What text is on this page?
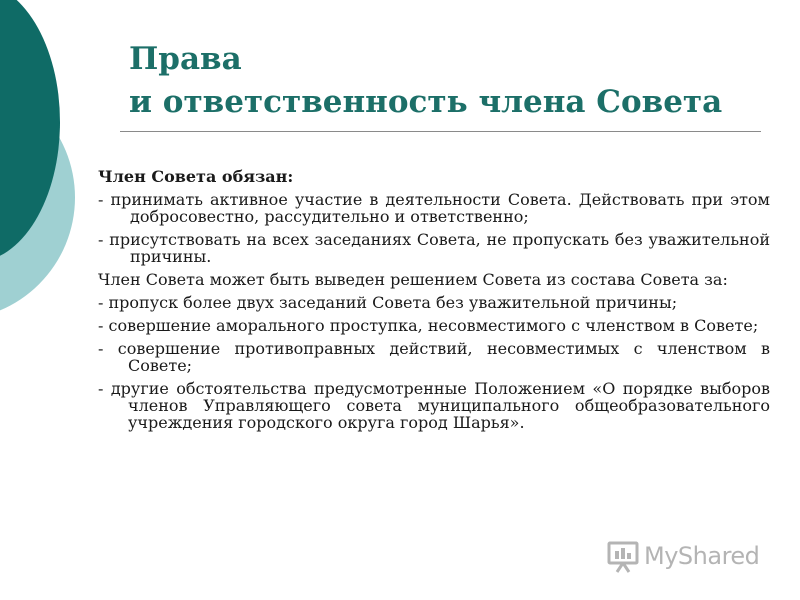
Права
и ответственность члена Совета

Член Совета обязан:

- принимать активное участие в деятельности Совета. Действовать при этом добросовестно, рассудительно и ответственно;

- присутствовать на всех заседаниях Совета, не пропускать без уважительной причины.

Член Совета может быть выведен решением Совета из состава Совета за:

- пропуск более двух заседаний Совета без уважительной причины;

- совершение аморального проступка, несовместимого с членством в Совете;

- совершение противоправных действий, несовместимых с членством в Совете;

- другие обстоятельства предусмотренные Положением «О порядке выборов членов Управляющего совета муниципального общеобразовательного учреждения городского округа город Шарья».

MyShared
